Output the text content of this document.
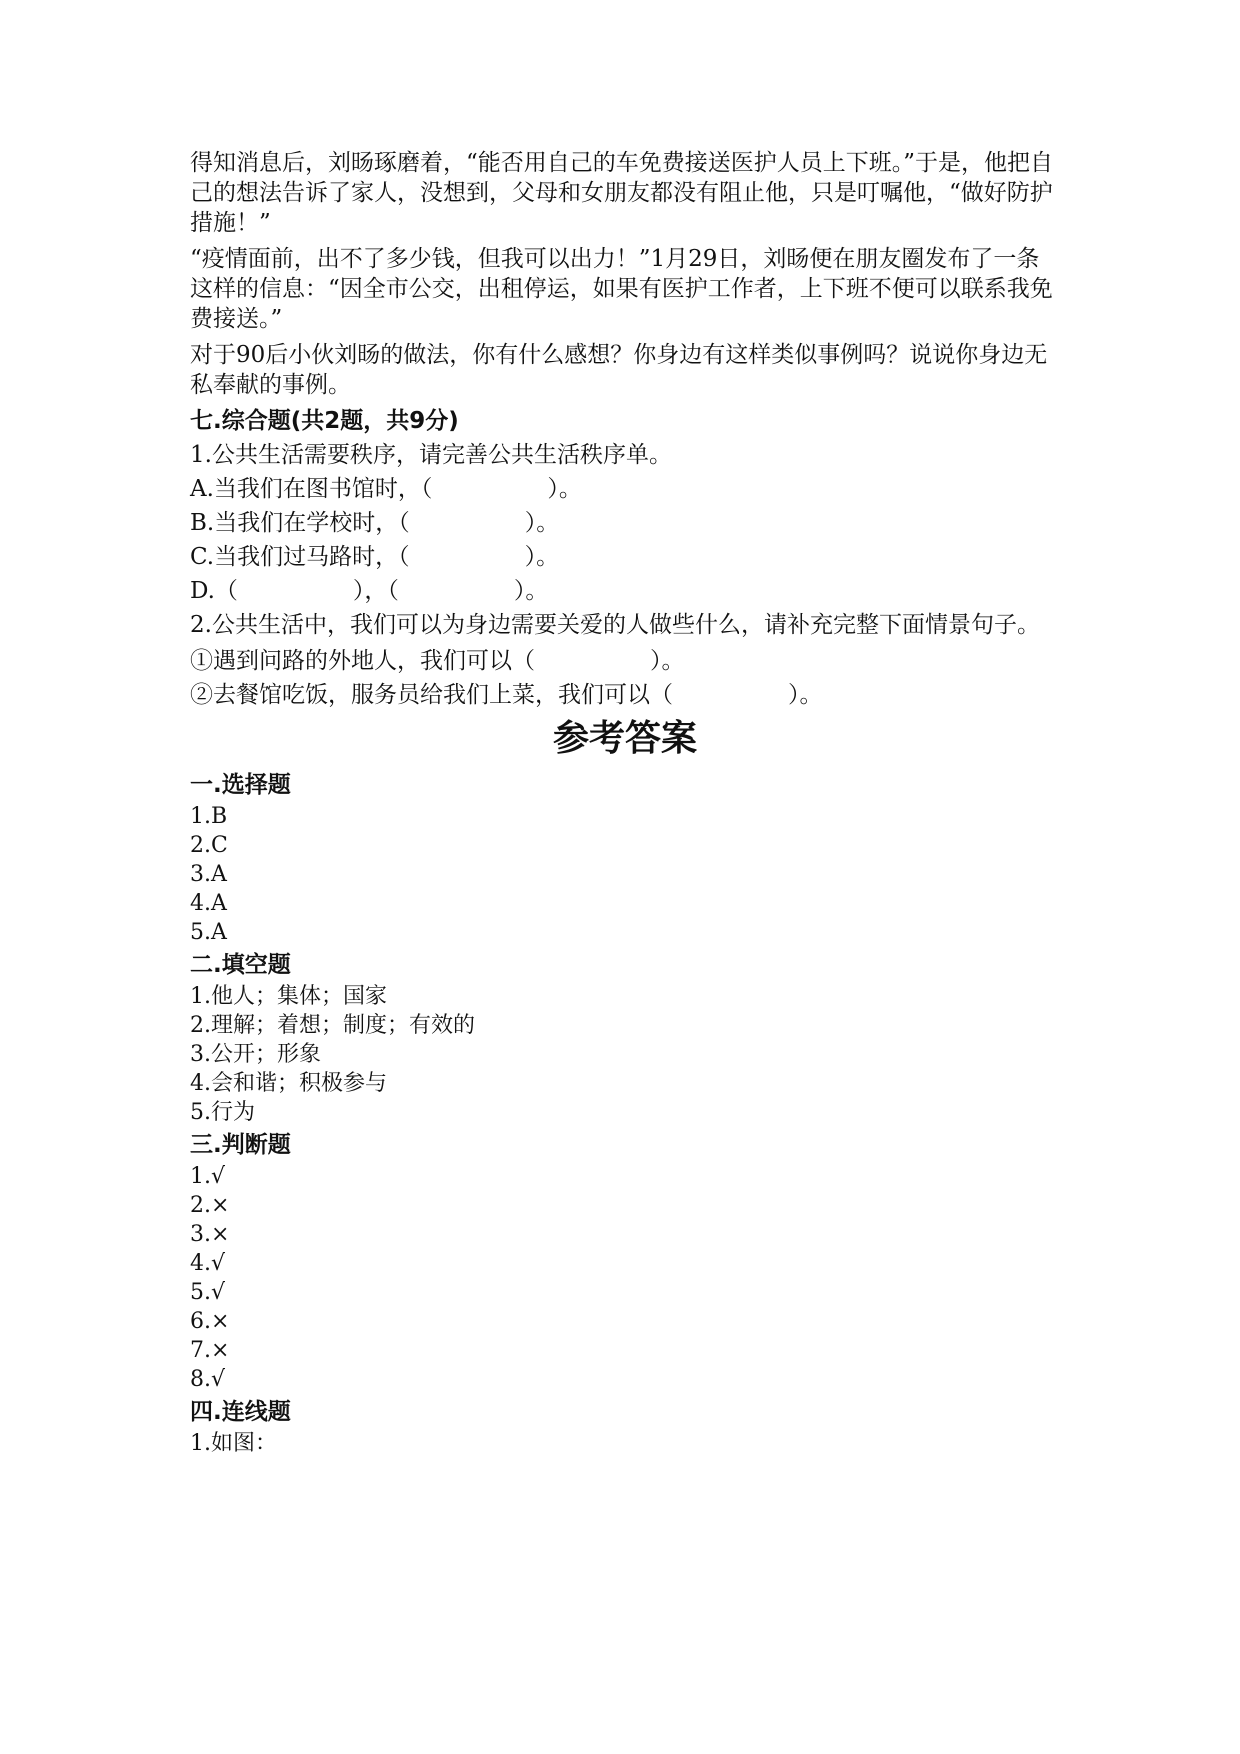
得知消息后，刘旸琢磨着，“能否用自己的车免费接送医护人员上下班。”于是，他把自己的想法告诉了家人，没想到，父母和女朋友都没有阻止他，只是叮嘱他，“做好防护措施！”

“疫情面前，出不了多少钱，但我可以出力！”1月29日，刘旸便在朋友圈发布了一条这样的信息：“因全市公交，出租停运，如果有医护工作者，上下班不便可以联系我免费接送。”

对于90后小伙刘旸的做法，你有什么感想？你身边有这样类似事例吗？说说你身边无私奉献的事例。

七.综合题(共2题，共9分)
1.公共生活需要秩序，请完善公共生活秩序单。
A.当我们在图书馆时，（　　　　　）。
B.当我们在学校时，（　　　　　）。
C.当我们过马路时，（　　　　　）。
D.（　　　　　），（　　　　　）。

2.公共生活中，我们可以为身边需要关爱的人做些什么，请补充完整下面情景句子。

①遇到问路的外地人，我们可以（　　　　　）。
②去餐馆吃饭，服务员给我们上菜，我们可以（　　　　　）。
参考答案
一.选择题
1.B
2.C
3.A
4.A
5.A
二.填空题
1.他人；集体；国家
2.理解；着想；制度；有效的
3.公开；形象
4.会和谐；积极参与
5.行为
三.判断题
1.√
2.×
3.×
4.√
5.√
6.×
7.×
8.√
四.连线题
1.如图：
